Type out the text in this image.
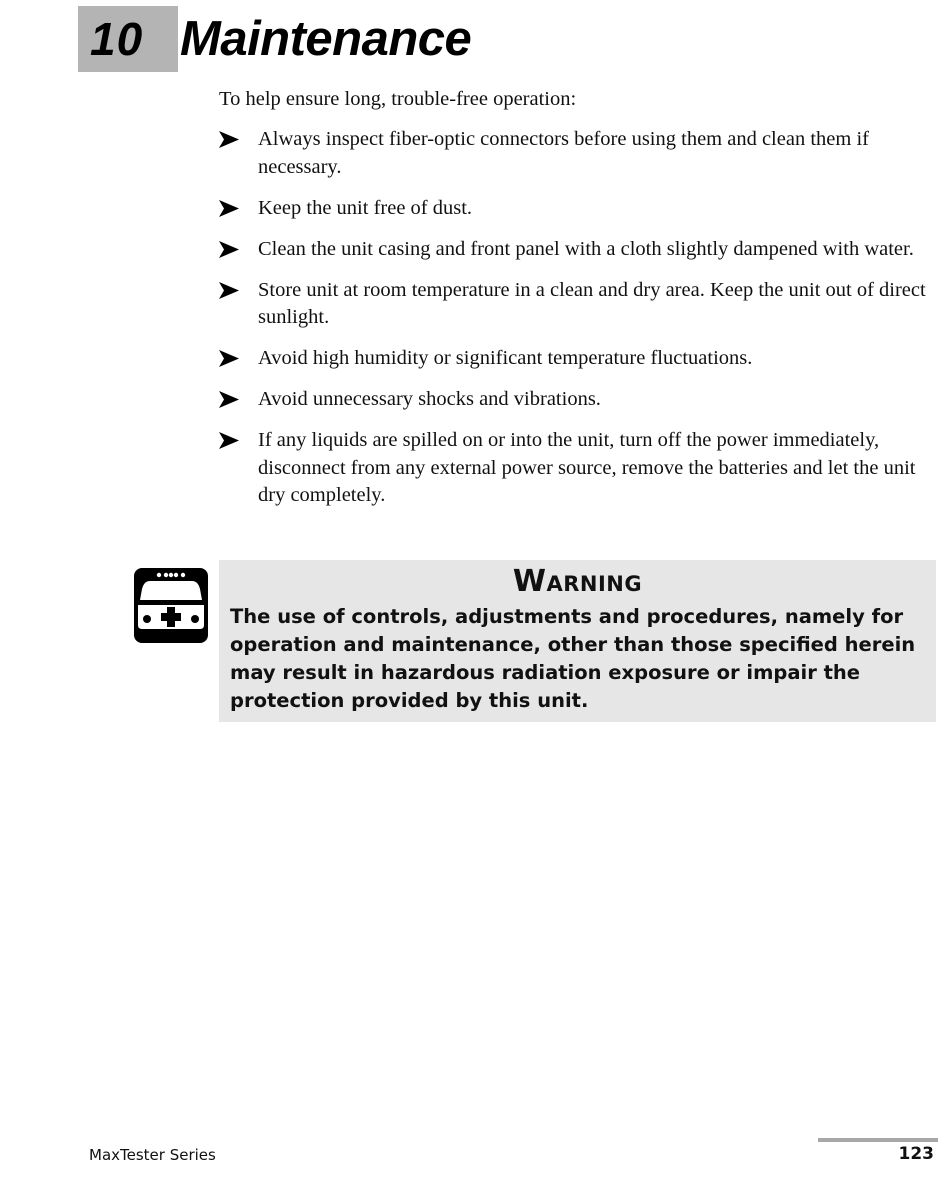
10 Maintenance

To help ensure long, trouble-free operation:

Always inspect fiber-optic connectors before using them and clean them if necessary.
Keep the unit free of dust.
Clean the unit casing and front panel with a cloth slightly dampened with water.
Store unit at room temperature in a clean and dry area. Keep the unit out of direct sunlight.
Avoid high humidity or significant temperature fluctuations.
Avoid unnecessary shocks and vibrations.
If any liquids are spilled on or into the unit, turn off the power immediately, disconnect from any external power source, remove the batteries and let the unit dry completely.
Warning

The use of controls, adjustments and procedures, namely for operation and maintenance, other than those specified herein may result in hazardous radiation exposure or impair the protection provided by this unit.

MaxTester Series	123
